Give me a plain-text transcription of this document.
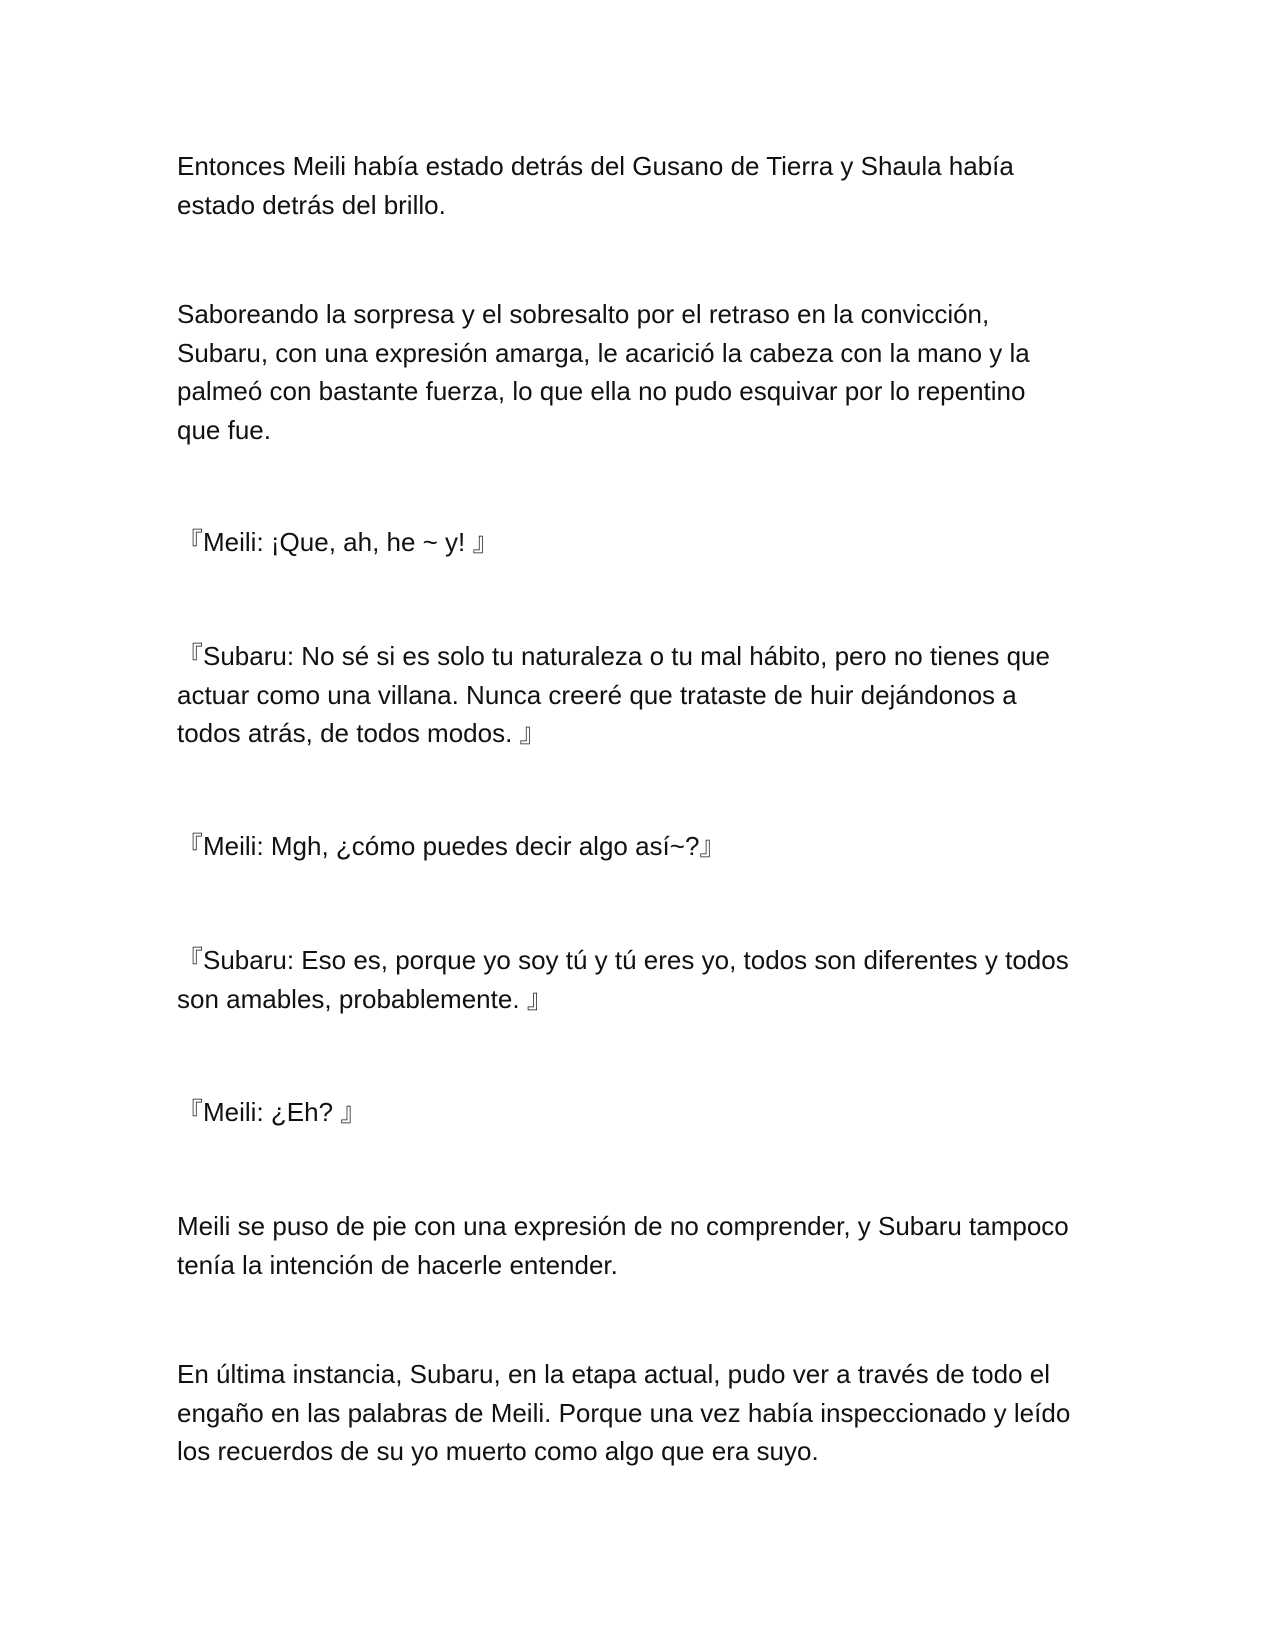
Entonces Meili había estado detrás del Gusano de Tierra y Shaula había
estado detrás del brillo.

Saboreando la sorpresa y el sobresalto por el retraso en la convicción,
Subaru, con una expresión amarga, le acarició la cabeza con la mano y la
palmeó con bastante fuerza, lo que ella no pudo esquivar por lo repentino
que fue.

『Meili: ¡Que, ah, he ~ y! 』

『Subaru: No sé si es solo tu naturaleza o tu mal hábito, pero no tienes que
actuar como una villana. Nunca creeré que trataste de huir dejándonos a
todos atrás, de todos modos. 』

『Meili: Mgh, ¿cómo puedes decir algo así~?』

『Subaru: Eso es, porque yo soy tú y tú eres yo, todos son diferentes y todos
son amables, probablemente. 』

『Meili: ¿Eh? 』

Meili se puso de pie con una expresión de no comprender, y Subaru tampoco
tenía la intención de hacerle entender.

En última instancia, Subaru, en la etapa actual, pudo ver a través de todo el
engaño en las palabras de Meili. Porque una vez había inspeccionado y leído
los recuerdos de su yo muerto como algo que era suyo.
